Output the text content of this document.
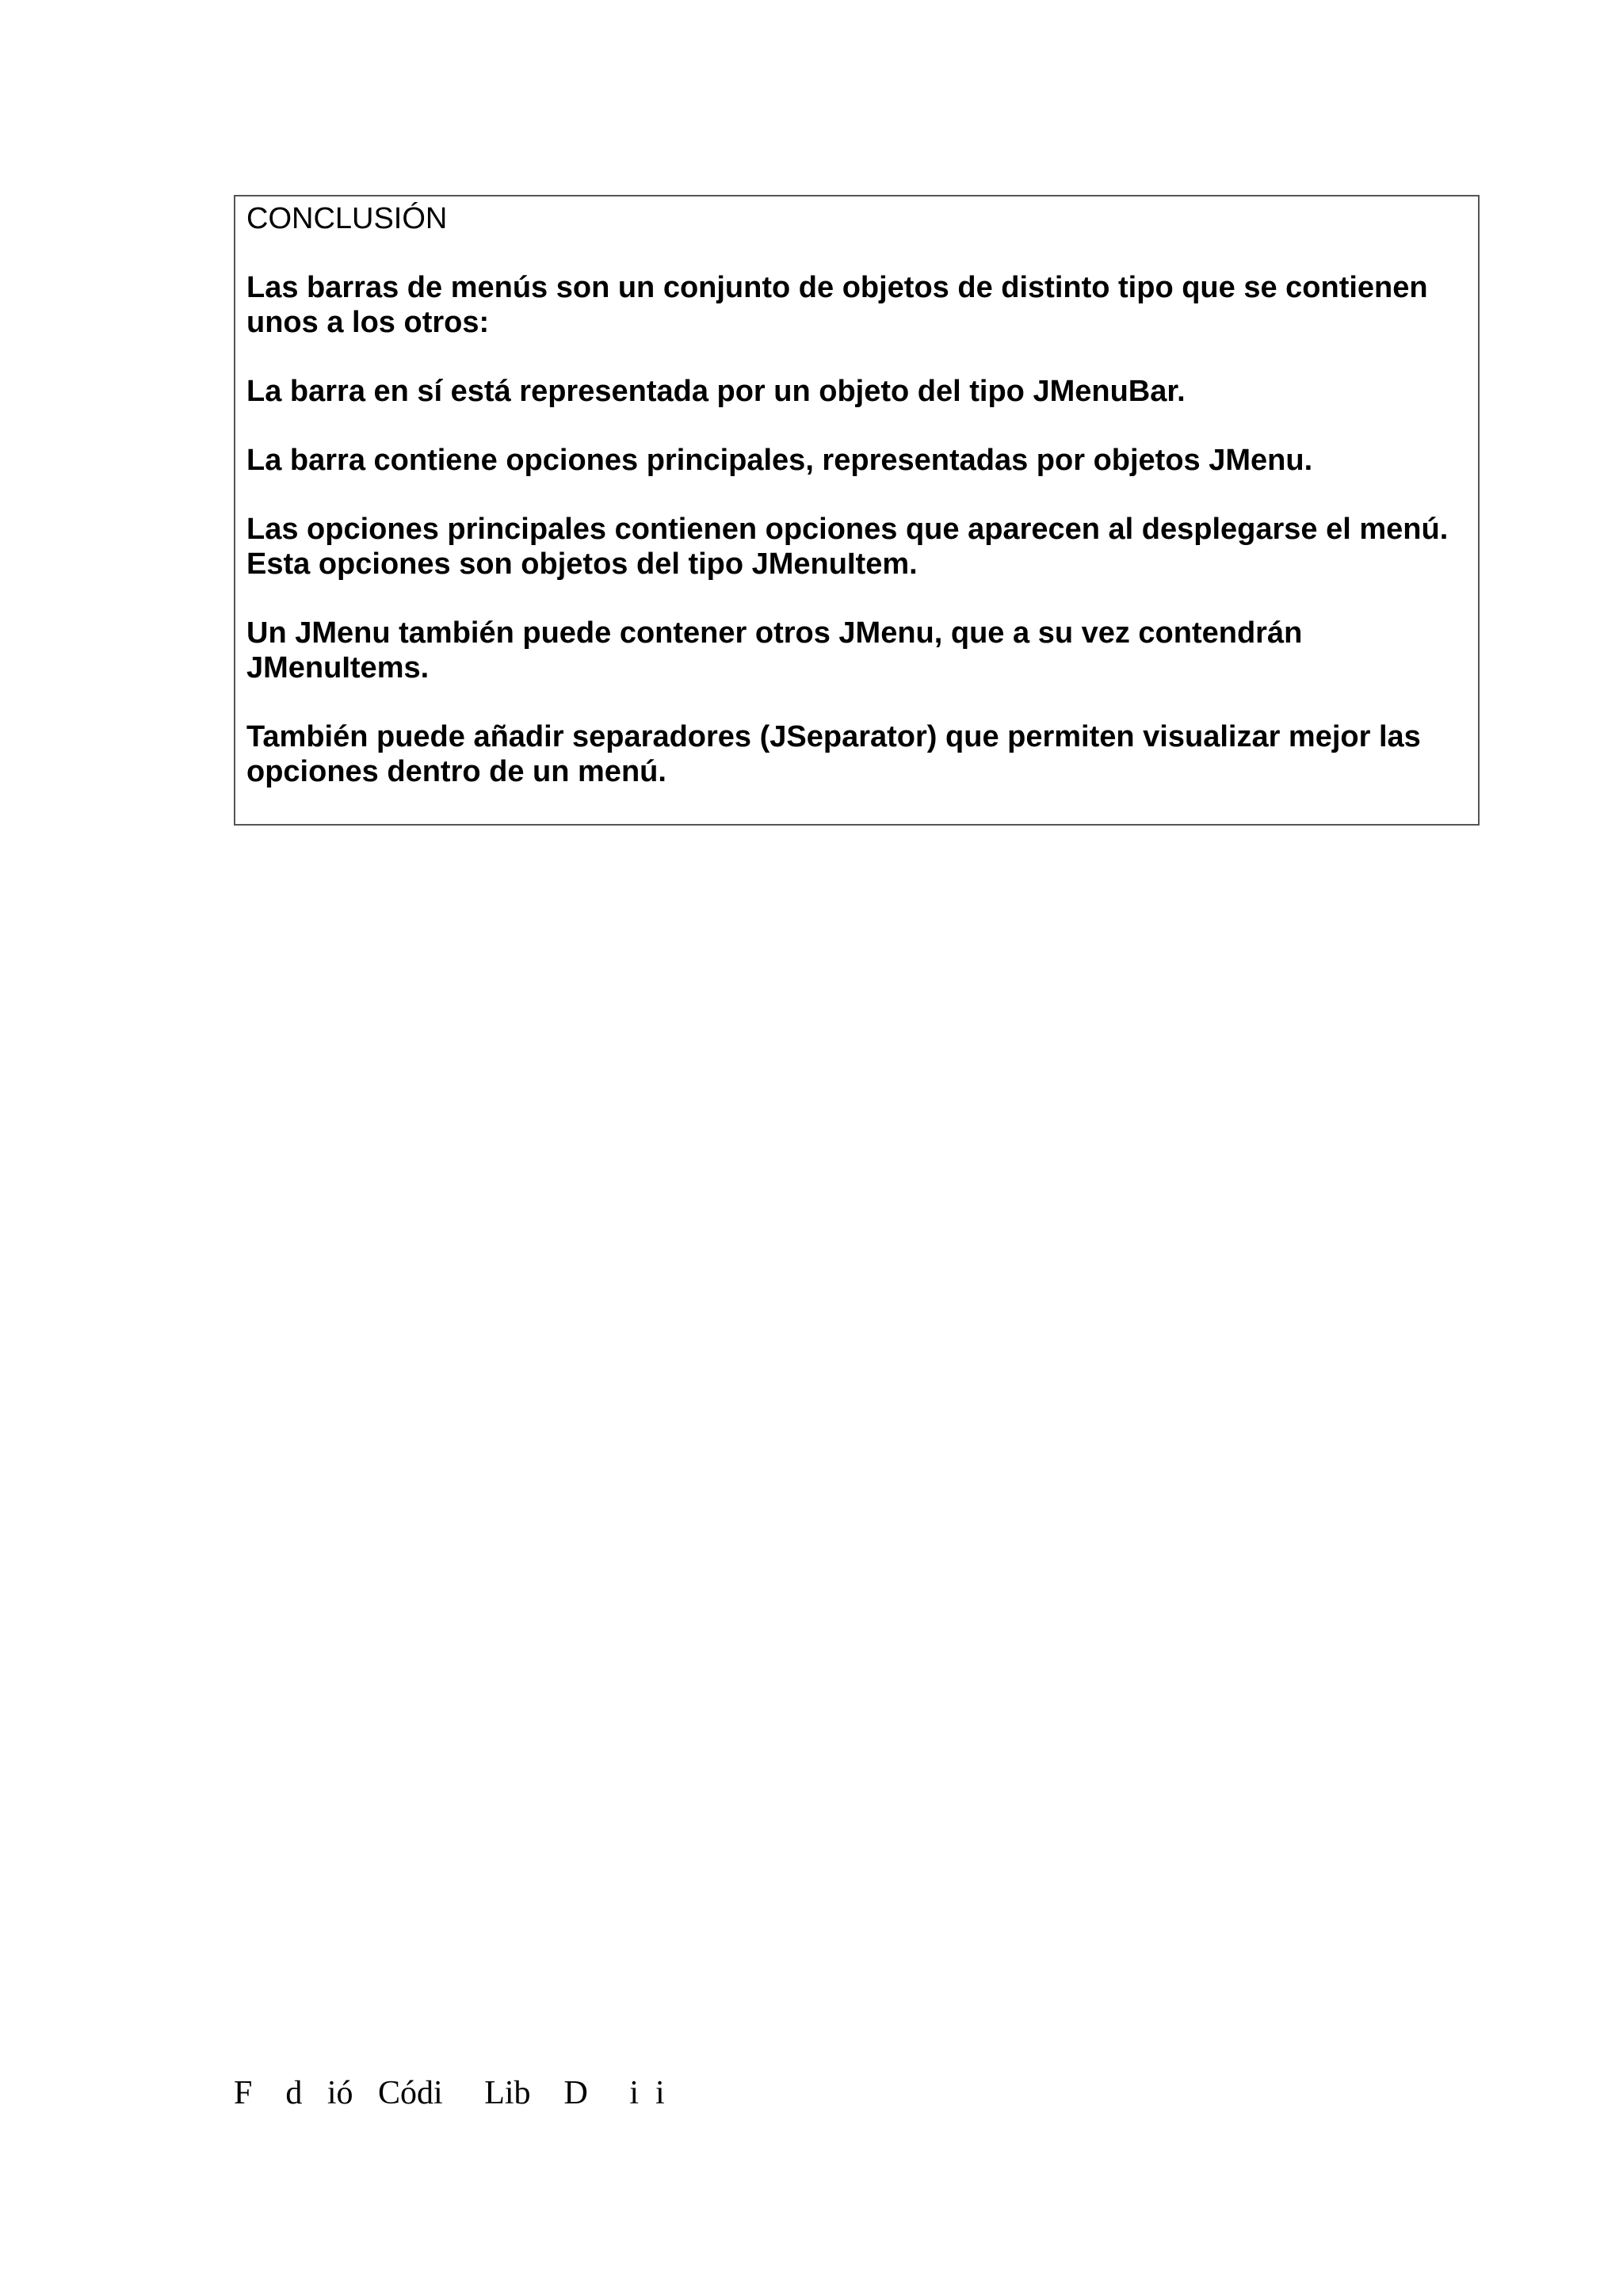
CONCLUSIÓN

Las barras de menús son un conjunto de objetos de distinto tipo que se contienen unos a los otros:

La barra en sí está representada por un objeto del tipo JMenuBar.

La barra contiene opciones principales, representadas por objetos JMenu.

Las opciones principales contienen opciones que aparecen al desplegarse el menú. Esta opciones son objetos del tipo JMenuItem.

Un JMenu también puede contener otros JMenu, que a su vez contendrán JMenuItems.

También puede añadir separadores (JSeparator) que permiten visualizar mejor las opciones dentro de un menú.

F    d   ió   Códi     Lib    D     i  i
